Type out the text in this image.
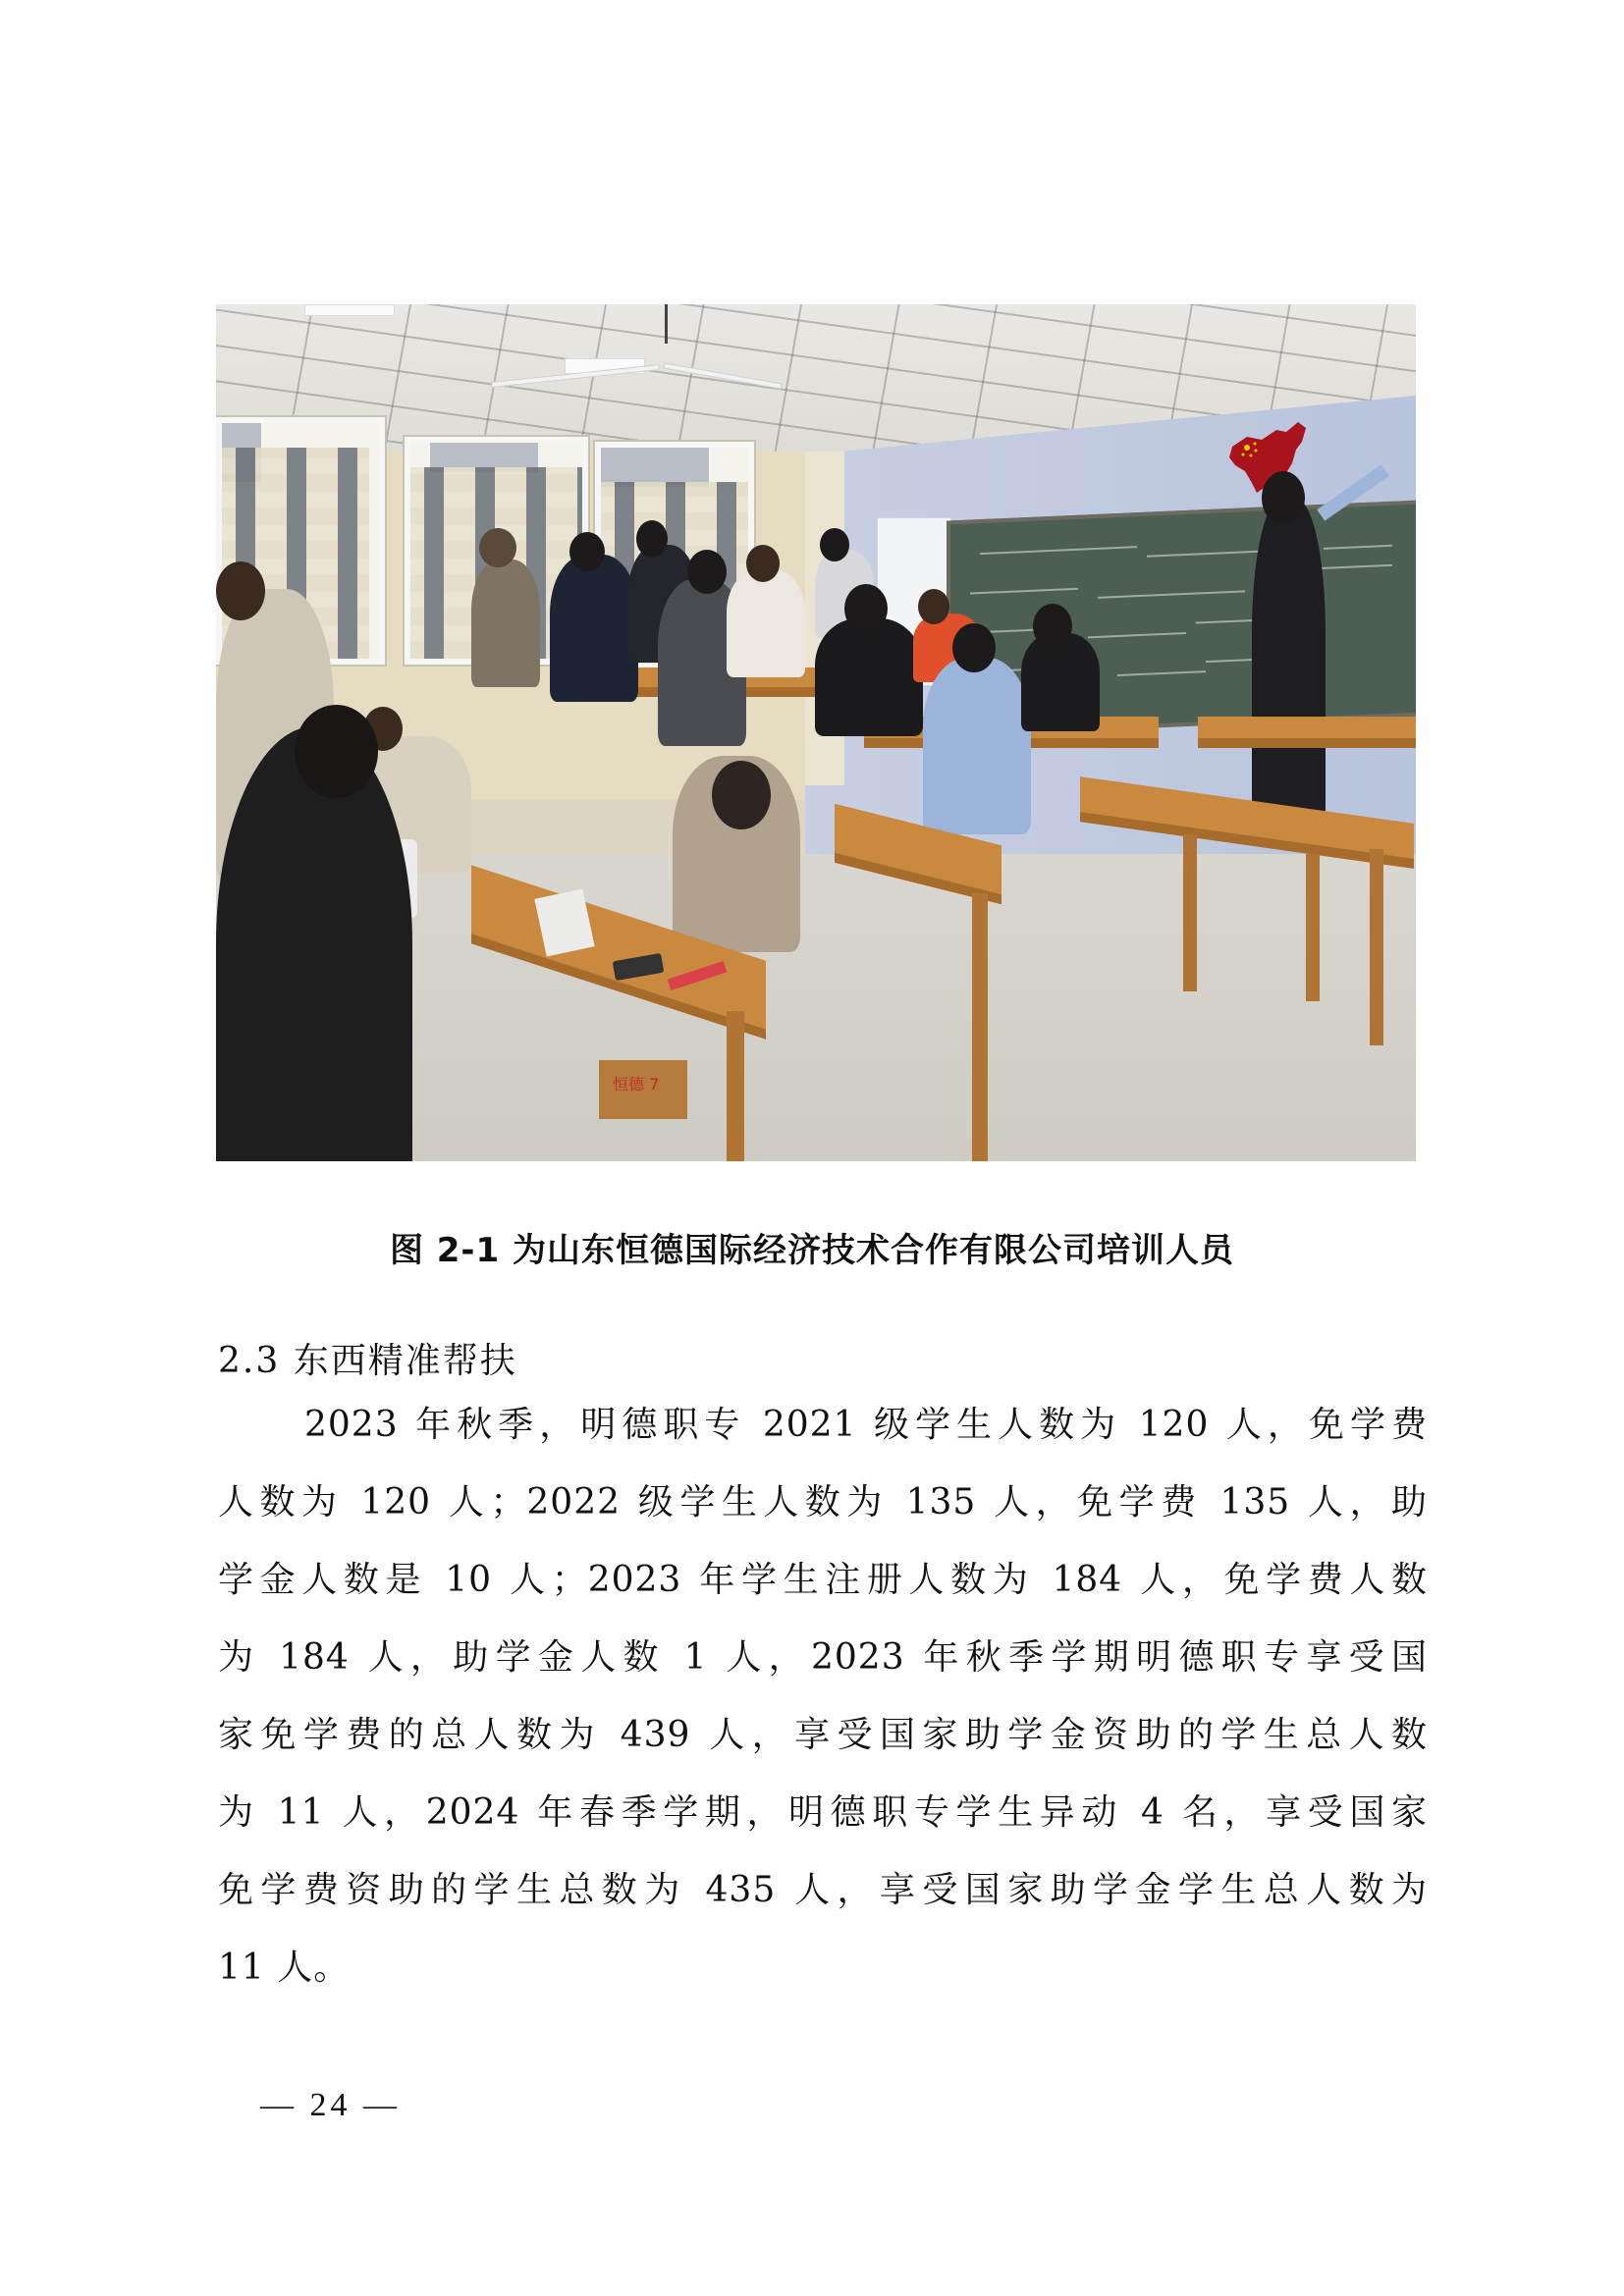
恒德 7
图 2-1 为山东恒德国际经济技术合作有限公司培训人员
2.3 东西精准帮扶
2023 年秋季，明德职专 2021 级学生人数为 120 人，免学费
人数为 120 人；2022 级学生人数为 135 人，免学费 135 人，助
学金人数是 10 人；2023 年学生注册人数为 184 人，免学费人数
为 184 人，助学金人数 1 人，2023 年秋季学期明德职专享受国
家免学费的总人数为 439 人，享受国家助学金资助的学生总人数
为 11 人，2024 年春季学期，明德职专学生异动 4 名，享受国家
免学费资助的学生总数为 435 人，享受国家助学金学生总人数为
11 人。
— 24 —
